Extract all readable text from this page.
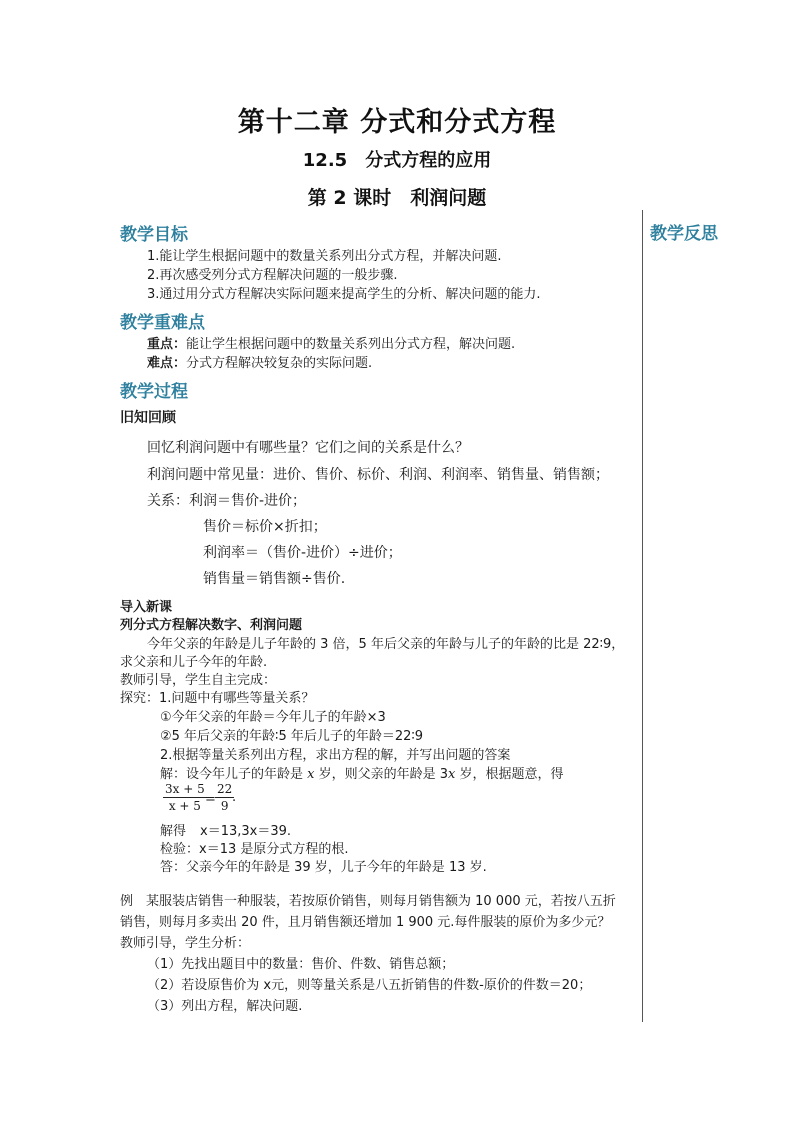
第十二章 分式和分式方程
12.5　分式方程的应用
第 2 课时　利润问题
教学反思
教学目标
1.能让学生根据问题中的数量关系列出分式方程，并解决问题.
2.再次感受列分式方程解决问题的一般步骤.
3.通过用分式方程解决实际问题来提高学生的分析、解决问题的能力.
教学重难点
重点：能让学生根据问题中的数量关系列出分式方程，解决问题.
难点：分式方程解决较复杂的实际问题.
教学过程
旧知回顾
回忆利润问题中有哪些量？它们之间的关系是什么？
利润问题中常见量：进价、售价、标价、利润、利润率、销售量、销售额；
关系：利润＝售价-进价；
售价＝标价×折扣；
利润率＝（售价-进价）÷进价；
销售量＝销售额÷售价.
导入新课
列分式方程解决数字、利润问题
今年父亲的年龄是儿子年龄的 3 倍，5 年后父亲的年龄与儿子的年龄的比是 22∶9，
求父亲和儿子今年的年龄.
教师引导，学生自主完成：
探究：1.问题中有哪些等量关系？
①今年父亲的年龄＝今年儿子的年龄×3
②5 年后父亲的年龄∶5 年后儿子的年龄＝22∶9
2.根据等量关系列出方程，求出方程的解，并写出问题的答案
解：设今年儿子的年龄是 x 岁，则父亲的年龄是 3x 岁，根据题意，得
$\frac{3x + 5}{x + 5}$
= $\frac{22}{9}$
.
解得 x＝13,3x＝39.
检验：x＝13 是原分式方程的根.
答：父亲今年的年龄是 39 岁，儿子今年的年龄是 13 岁.
例　某服装店销售一种服装，若按原价销售，则每月销售额为 10 000 元，若按八五折
销售，则每月多卖出 20 件，且月销售额还增加 1 900 元.每件服装的原价为多少元？
教师引导，学生分析：
（1）先找出题目中的数量：售价、件数、销售总额；
（2）若设原售价为 x元，则等量关系是八五折销售的件数-原价的件数＝20；
（3）列出方程，解决问题.
